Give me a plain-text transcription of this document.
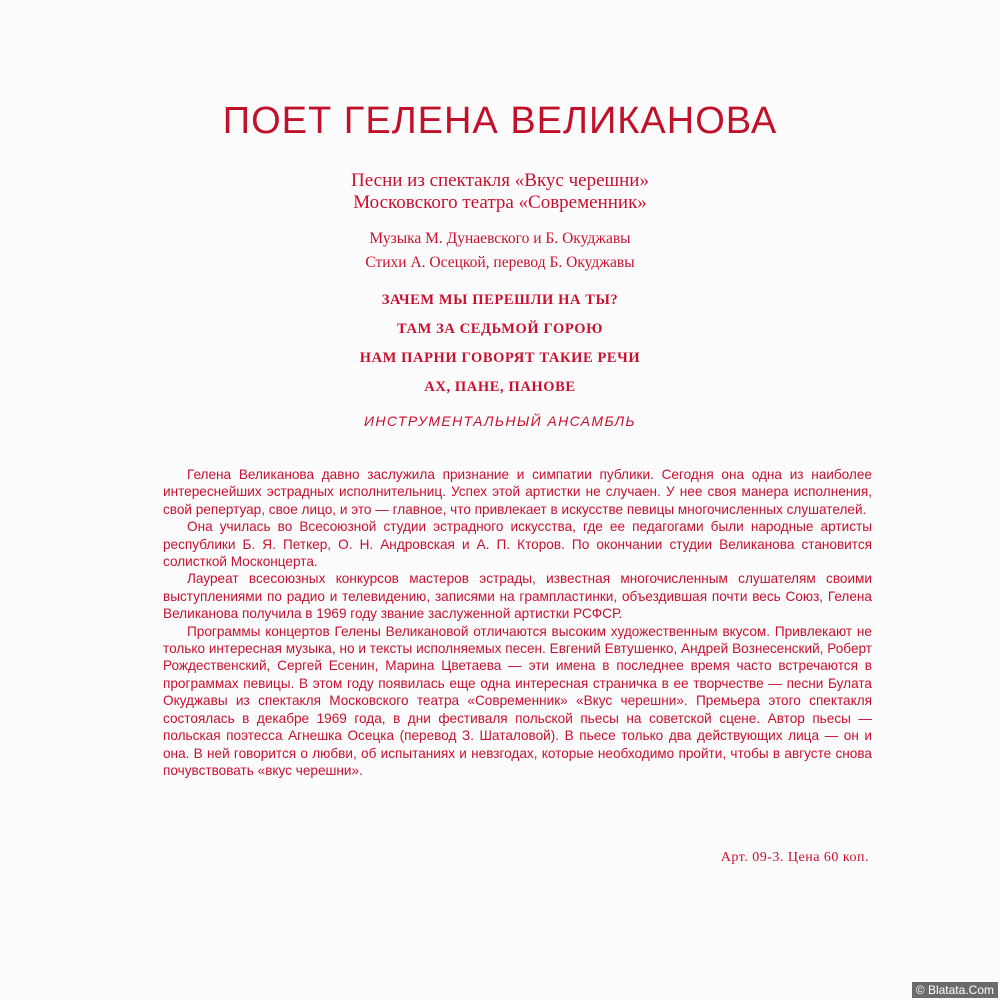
ПОЕТ ГЕЛЕНА ВЕЛИКАНОВА
Песни из спектакля «Вкус черешни»
Московского театра «Современник»
Музыка М. Дунаевского и Б. Окуджавы
Стихи А. Осецкой, перевод Б. Окуджавы
ЗАЧЕМ МЫ ПЕРЕШЛИ НА ТЫ?
ТАМ ЗА СЕДЬМОЙ ГОРОЮ
НАМ ПАРНИ ГОВОРЯТ ТАКИЕ РЕЧИ
АХ, ПАНЕ, ПАНОВЕ
ИНСТРУМЕНТАЛЬНЫЙ АНСАМБЛЬ

Гелена Великанова давно заслужила признание и симпатии публики. Сегодня она одна из наиболее интереснейших эстрадных исполнительниц. Успех этой артистки не случаен. У нее своя манера исполнения, свой репертуар, свое лицо, и это — главное, что привлекает в искусстве певицы многочисленных слушателей.

Она училась во Всесоюзной студии эстрадного искусства, где ее педагогами были народные артисты республики Б. Я. Петкер, О. Н. Андровская и А. П. Кторов. По окончании студии Великанова становится солисткой Москонцерта.

Лауреат всесоюзных конкурсов мастеров эстрады, известная многочисленным слушателям своими выступлениями по радио и телевидению, записями на грампластинки, объездившая почти весь Союз, Гелена Великанова получила в 1969 году звание заслуженной артистки РСФСР.

Программы концертов Гелены Великановой отличаются высоким художественным вкусом. Привлекают не только интересная музыка, но и тексты исполняемых песен. Евгений Евтушенко, Андрей Вознесенский, Роберт Рождественский, Сергей Есенин, Марина Цветаева — эти имена в последнее время часто встречаются в программах певицы. В этом году появилась еще одна интересная страничка в ее творчестве — песни Булата Окуджавы из спектакля Московского театра «Современник» «Вкус черешни». Премьера этого спектакля состоялась в декабре 1969 года, в дни фестиваля польской пьесы на советской сцене. Автор пьесы — польская поэтесса Агнешка Осецка (перевод З. Шаталовой). В пьесе только два действующих лица — он и она. В ней говорится о любви, об испытаниях и невзгодах, которые необходимо пройти, чтобы в августе снова почувствовать «вкус черешни».

Арт. 09-3. Цена 60 коп.
© Blatata.Com
